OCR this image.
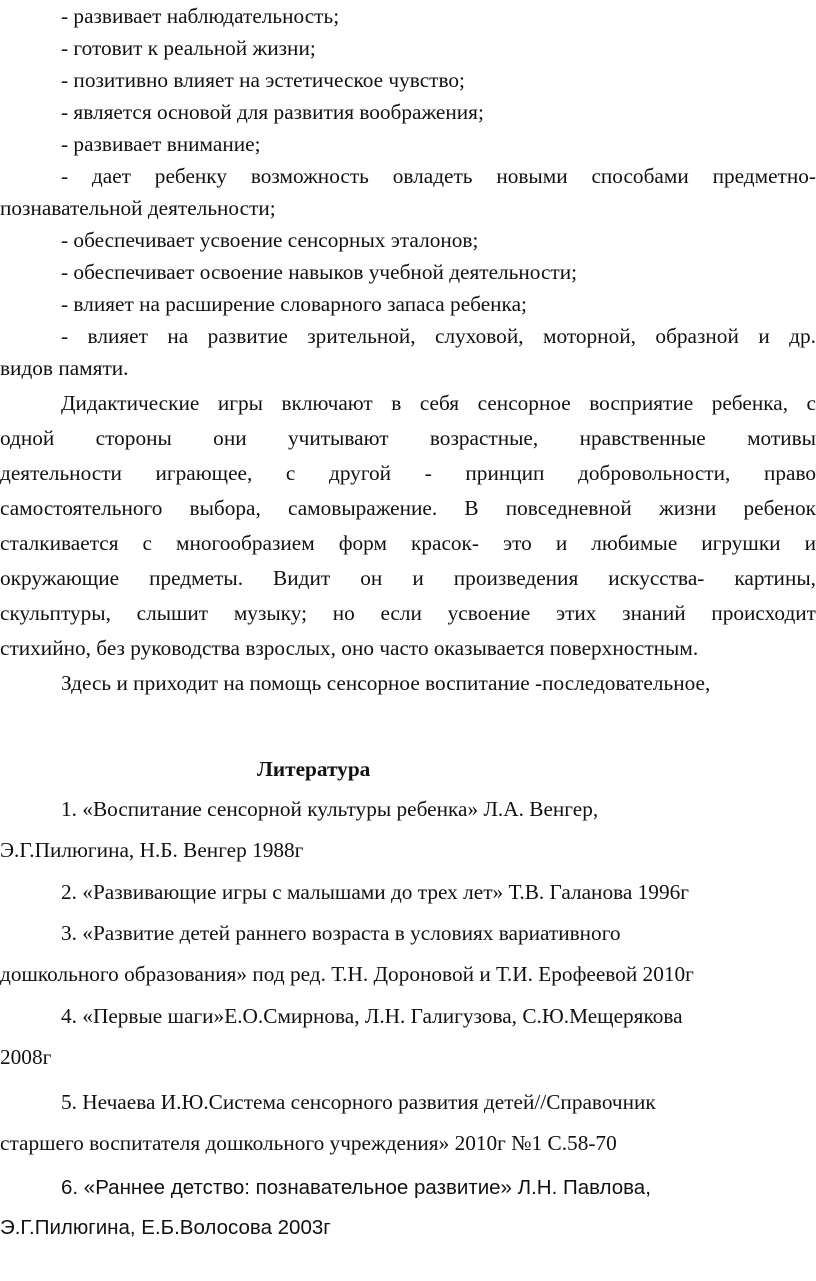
- развивает наблюдательность;
- готовит к реальной жизни;
- позитивно влияет на эстетическое чувство;
- является основой для развития воображения;
- развивает внимание;
- дает ребенку возможность овладеть новыми способами предметно-
познавательной деятельности;
- обеспечивает усвоение сенсорных эталонов;
- обеспечивает освоение навыков учебной деятельности;
- влияет на расширение словарного запаса ребенка;
- влияет на развитие зрительной, слуховой, моторной, образной и др.
видов памяти.
Дидактические игры включают в себя сенсорное восприятие ребенка, с
одной стороны они учитывают возрастные, нравственные мотивы
деятельности играющее, с другой - принцип добровольности, право
самостоятельного выбора, самовыражение. В повседневной жизни ребенок
сталкивается с многообразием форм красок- это и любимые игрушки и
окружающие предметы. Видит он и произведения искусства- картины,
скульптуры, слышит музыку; но если усвоение этих знаний происходит
стихийно, без руководства взрослых, оно часто оказывается поверхностным.
Здесь и приходит на помощь сенсорное воспитание -последовательное,
Литература
1. «Воспитание сенсорной культуры ребенка» Л.А. Венгер,
Э.Г.Пилюгина, Н.Б. Венгер 1988г
2. «Развивающие игры с малышами до трех лет» Т.В. Галанова 1996г
3. «Развитие детей раннего возраста в условиях вариативного
дошкольного образования» под ред. Т.Н. Дороновой и Т.И. Ерофеевой 2010г
4. «Первые шаги»Е.О.Смирнова, Л.Н. Галигузова, С.Ю.Мещерякова
2008г
5. Нечаева И.Ю.Система сенсорного развития детей//Справочник
старшего воспитателя дошкольного учреждения» 2010г №1 С.58-70
6. «Раннее детство: познавательное развитие» Л.Н. Павлова,
Э.Г.Пилюгина, Е.Б.Волосова 2003г
